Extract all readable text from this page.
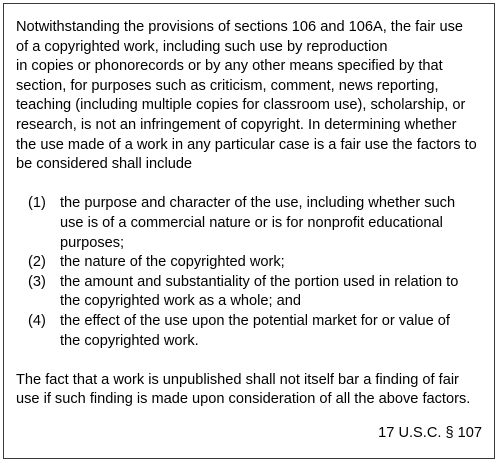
Notwithstanding the provisions of sections 106 and 106A, the fair use
of a copyrighted work, including such use by reproduction
in copies or phonorecords or by any other means specified by that
section, for purposes such as criticism, comment, news reporting,
teaching (including multiple copies for classroom use), scholarship, or
research, is not an infringement of copyright. In determining whether
the use made of a work in any particular case is a fair use the factors to
be considered shall include

(1) the purpose and character of the use, including whether such
use is of a commercial nature or is for nonprofit educational
purposes;
(2) the nature of the copyrighted work;
(3) the amount and substantiality of the portion used in relation to
the copyrighted work as a whole; and
(4) the effect of the use upon the potential market for or value of
the copyrighted work.

The fact that a work is unpublished shall not itself bar a finding of fair
use if such finding is made upon consideration of all the above factors.

17 U.S.C. § 107
